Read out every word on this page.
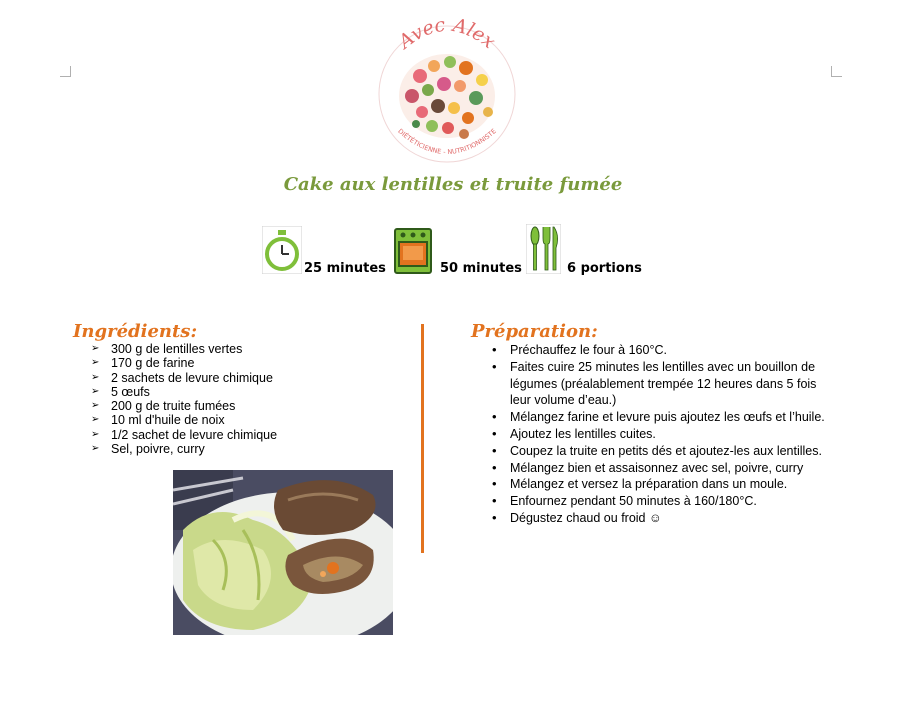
Avec Alex
DIÉTÉTICIENNE - NUTRITIONNISTE
Cake aux lentilles et truite fumée
25 minutes	50 minutes	6 portions
Ingrédients:
➢ 300 g de lentilles vertes
➢ 170 g de farine
➢ 2 sachets de levure chimique
➢ 5 œufs
➢ 200 g de truite fumées
➢ 10 ml d'huile de noix
➢ 1/2 sachet de levure chimique
➢ Sel, poivre, curry
Préparation:
• Préchauffez le four à 160°C.
• Faites cuire 25 minutes les lentilles avec un bouillon de légumes (préalablement trempée 12 heures dans 5 fois leur volume d’eau.)
• Mélangez farine et levure puis ajoutez les œufs et l’huile.
• Ajoutez les lentilles cuites.
• Coupez la truite en petits dés et ajoutez-les aux lentilles.
• Mélangez bien et assaisonnez avec sel, poivre, curry
• Mélangez et versez la préparation dans un moule.
• Enfournez pendant 50 minutes à 160/180°C.
• Dégustez chaud ou froid ☺
